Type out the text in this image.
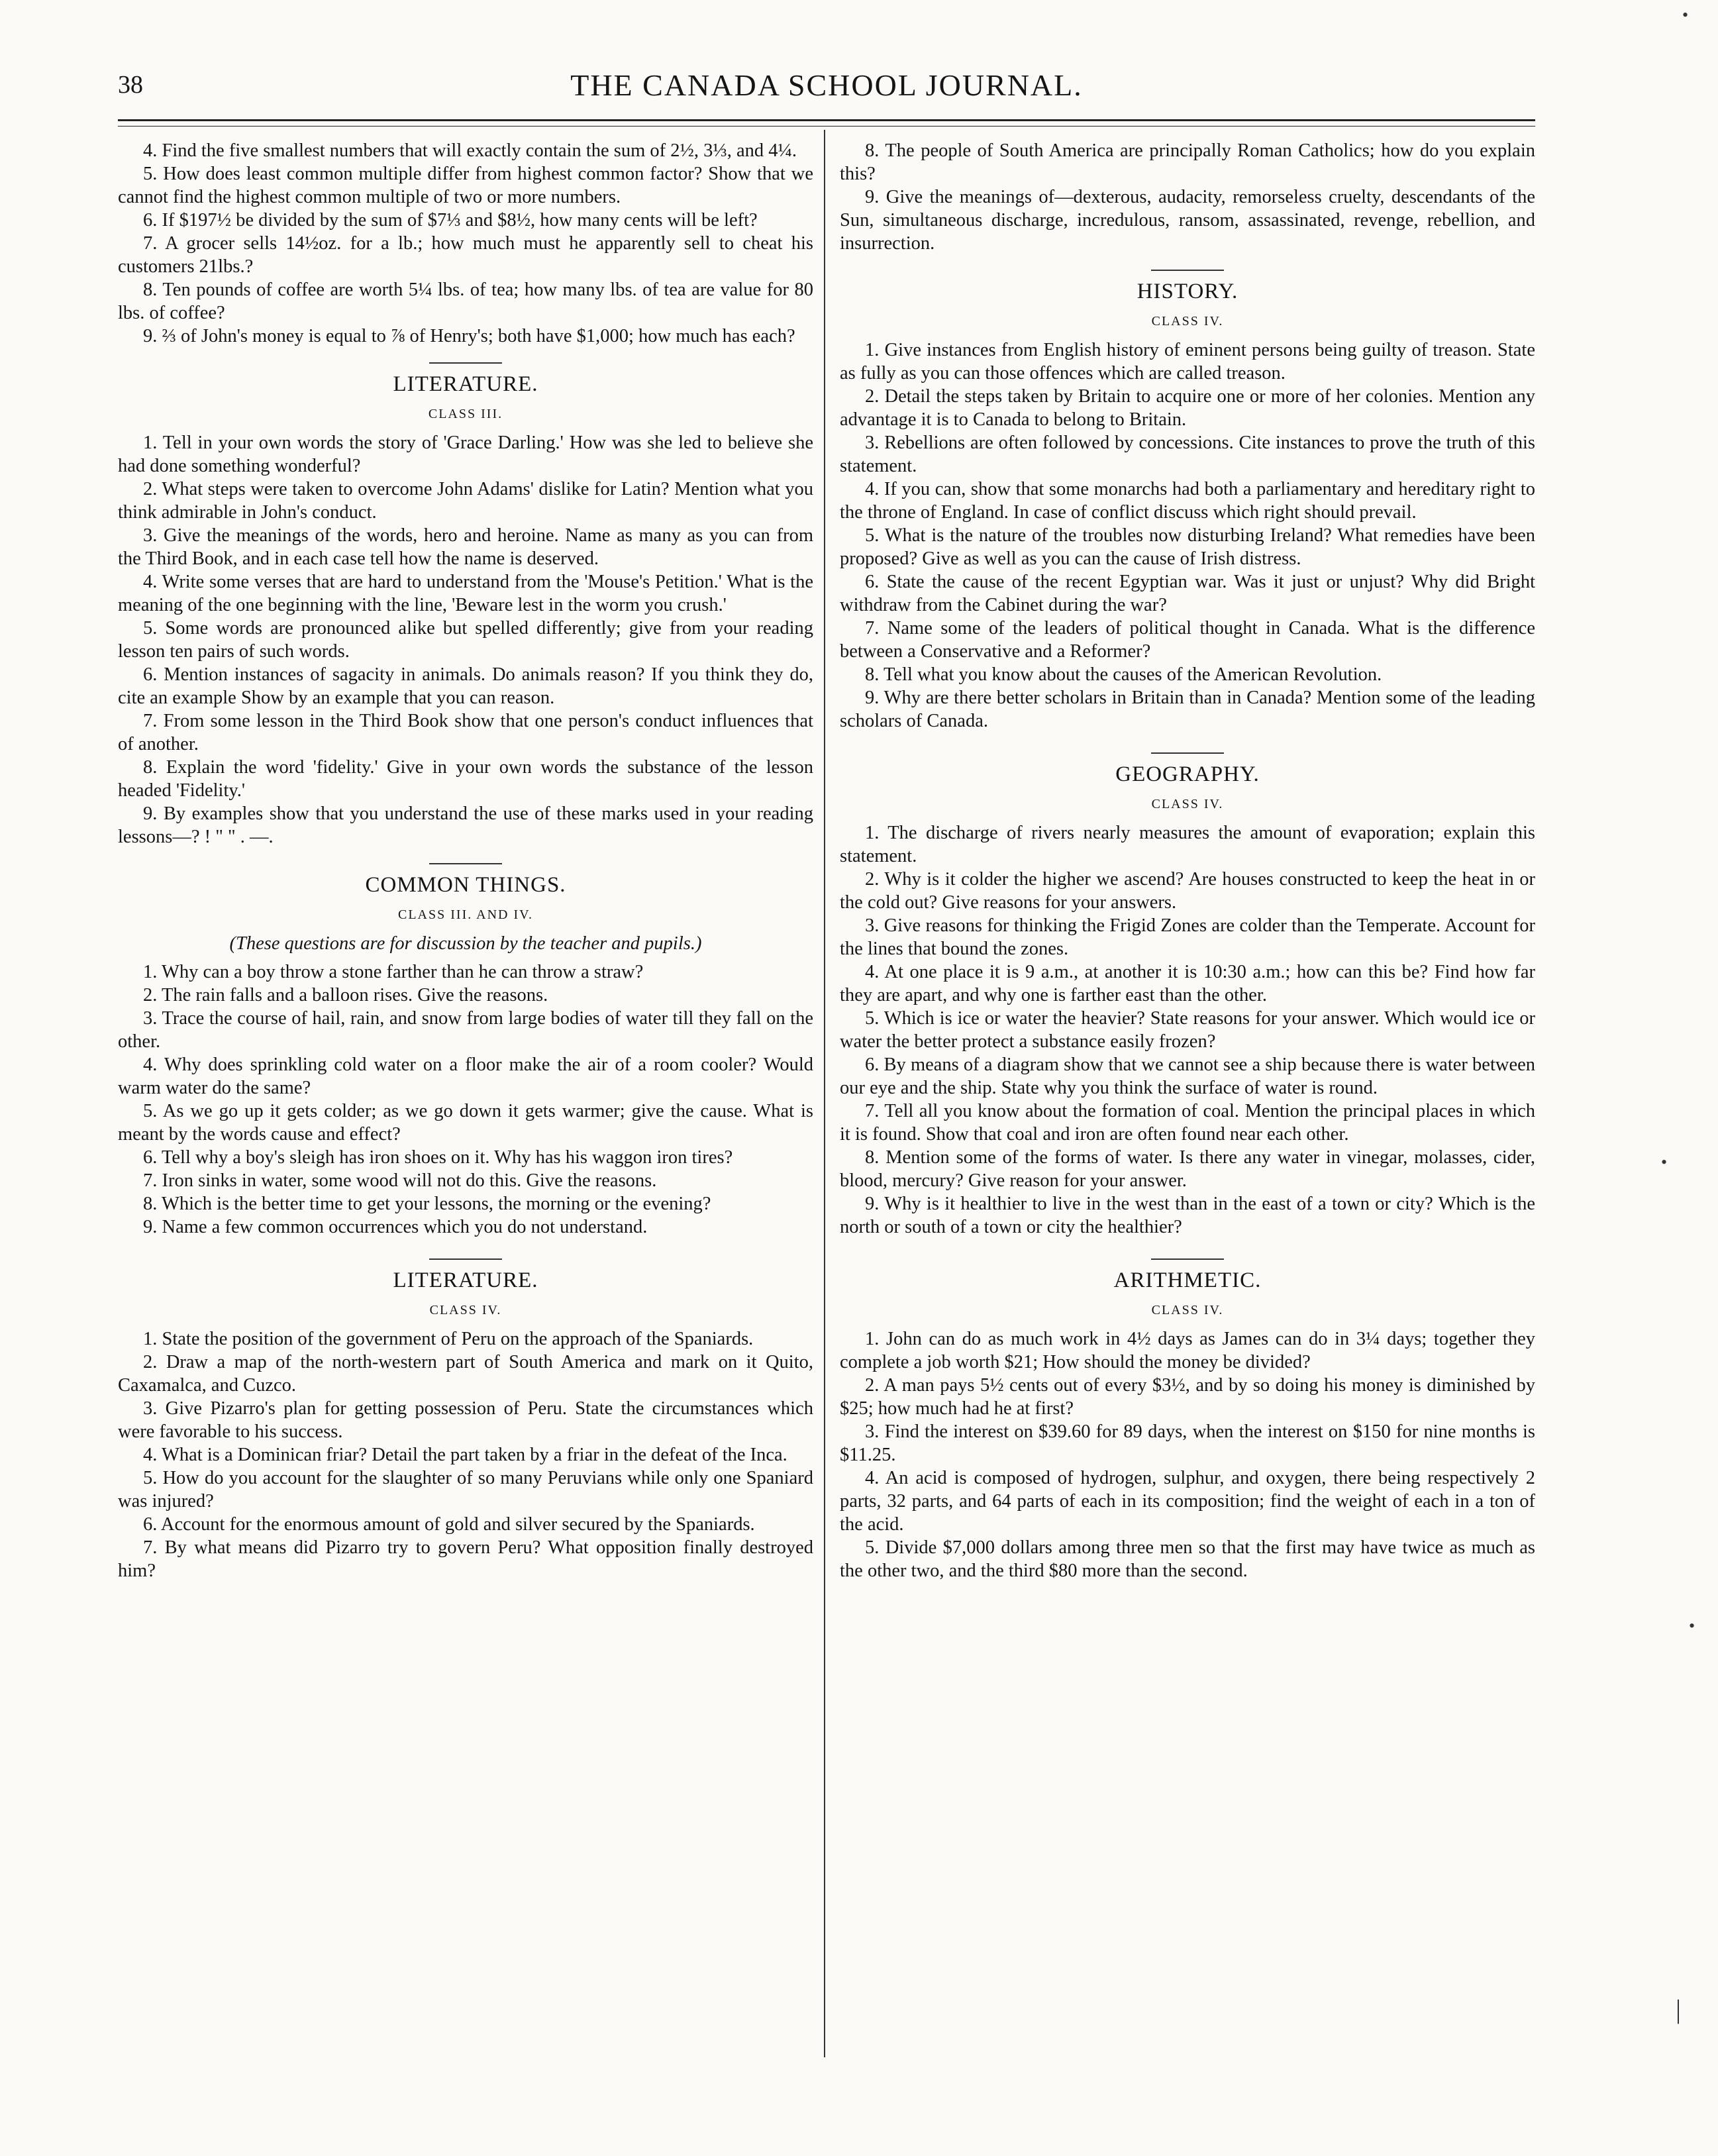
38	THE CANADA SCHOOL JOURNAL.

4. Find the five smallest numbers that will exactly contain the sum of 2½, 3⅓, and 4¼.

5. How does least common multiple differ from highest common factor? Show that we cannot find the highest common multiple of two or more numbers.

6. If $197½ be divided by the sum of $7⅓ and $8½, how many cents will be left?

7. A grocer sells 14½oz. for a lb.; how much must he apparently sell to cheat his customers 21lbs.?

8. Ten pounds of coffee are worth 5¼ lbs. of tea; how many lbs. of tea are value for 80 lbs. of coffee?

9. ⅔ of John's money is equal to ⅞ of Henry's; both have $1,000; how much has each?

LITERATURE.
CLASS III.

1. Tell in your own words the story of 'Grace Darling.' How was she led to believe she had done something wonderful?

2. What steps were taken to overcome John Adams' dislike for Latin? Mention what you think admirable in John's conduct.

3. Give the meanings of the words, hero and heroine. Name as many as you can from the Third Book, and in each case tell how the name is deserved.

4. Write some verses that are hard to understand from the 'Mouse's Petition.' What is the meaning of the one beginning with the line, 'Beware lest in the worm you crush.'

5. Some words are pronounced alike but spelled differently; give from your reading lesson ten pairs of such words.

6. Mention instances of sagacity in animals. Do animals reason? If you think they do, cite an example Show by an example that you can reason.

7. From some lesson in the Third Book show that one person's conduct influences that of another.

8. Explain the word 'fidelity.' Give in your own words the substance of the lesson headed 'Fidelity.'

9. By examples show that you understand the use of these marks used in your reading lessons—? ! " " . —.

COMMON THINGS.
CLASS III. AND IV.
(These questions are for discussion by the teacher and pupils.)

1. Why can a boy throw a stone farther than he can throw a straw?

2. The rain falls and a balloon rises. Give the reasons.

3. Trace the course of hail, rain, and snow from large bodies of water till they fall on the other.

4. Why does sprinkling cold water on a floor make the air of a room cooler? Would warm water do the same?

5. As we go up it gets colder; as we go down it gets warmer; give the cause. What is meant by the words cause and effect?

6. Tell why a boy's sleigh has iron shoes on it. Why has his waggon iron tires?

7. Iron sinks in water, some wood will not do this. Give the reasons.

8. Which is the better time to get your lessons, the morning or the evening?

9. Name a few common occurrences which you do not understand.

LITERATURE.
CLASS IV.

1. State the position of the government of Peru on the approach of the Spaniards.

2. Draw a map of the north-western part of South America and mark on it Quito, Caxamalca, and Cuzco.

3. Give Pizarro's plan for getting possession of Peru. State the circumstances which were favorable to his success.

4. What is a Dominican friar? Detail the part taken by a friar in the defeat of the Inca.

5. How do you account for the slaughter of so many Peruvians while only one Spaniard was injured?

6. Account for the enormous amount of gold and silver secured by the Spaniards.

7. By what means did Pizarro try to govern Peru? What opposition finally destroyed him?

8. The people of South America are principally Roman Catholics; how do you explain this?

9. Give the meanings of—dexterous, audacity, remorseless cruelty, descendants of the Sun, simultaneous discharge, incredulous, ransom, assassinated, revenge, rebellion, and insurrection.

HISTORY.
CLASS IV.

1. Give instances from English history of eminent persons being guilty of treason. State as fully as you can those offences which are called treason.

2. Detail the steps taken by Britain to acquire one or more of her colonies. Mention any advantage it is to Canada to belong to Britain.

3. Rebellions are often followed by concessions. Cite instances to prove the truth of this statement.

4. If you can, show that some monarchs had both a parliamentary and hereditary right to the throne of England. In case of conflict discuss which right should prevail.

5. What is the nature of the troubles now disturbing Ireland? What remedies have been proposed? Give as well as you can the cause of Irish distress.

6. State the cause of the recent Egyptian war. Was it just or unjust? Why did Bright withdraw from the Cabinet during the war?

7. Name some of the leaders of political thought in Canada. What is the difference between a Conservative and a Reformer?

8. Tell what you know about the causes of the American Revolution.

9. Why are there better scholars in Britain than in Canada? Mention some of the leading scholars of Canada.

GEOGRAPHY.
CLASS IV.

1. The discharge of rivers nearly measures the amount of evaporation; explain this statement.

2. Why is it colder the higher we ascend? Are houses constructed to keep the heat in or the cold out? Give reasons for your answers.

3. Give reasons for thinking the Frigid Zones are colder than the Temperate. Account for the lines that bound the zones.

4. At one place it is 9 a.m., at another it is 10:30 a.m.; how can this be? Find how far they are apart, and why one is farther east than the other.

5. Which is ice or water the heavier? State reasons for your answer. Which would ice or water the better protect a substance easily frozen?

6. By means of a diagram show that we cannot see a ship because there is water between our eye and the ship. State why you think the surface of water is round.

7. Tell all you know about the formation of coal. Mention the principal places in which it is found. Show that coal and iron are often found near each other.

8. Mention some of the forms of water. Is there any water in vinegar, molasses, cider, blood, mercury? Give reason for your answer.

9. Why is it healthier to live in the west than in the east of a town or city? Which is the north or south of a town or city the healthier?

ARITHMETIC.
CLASS IV.

1. John can do as much work in 4½ days as James can do in 3¼ days; together they complete a job worth $21; How should the money be divided?

2. A man pays 5½ cents out of every $3½, and by so doing his money is diminished by $25; how much had he at first?

3. Find the interest on $39.60 for 89 days, when the interest on $150 for nine months is $11.25.

4. An acid is composed of hydrogen, sulphur, and oxygen, there being respectively 2 parts, 32 parts, and 64 parts of each in its composition; find the weight of each in a ton of the acid.

5. Divide $7,000 dollars among three men so that the first may have twice as much as the other two, and the third $80 more than the second.

•
•
•
|
